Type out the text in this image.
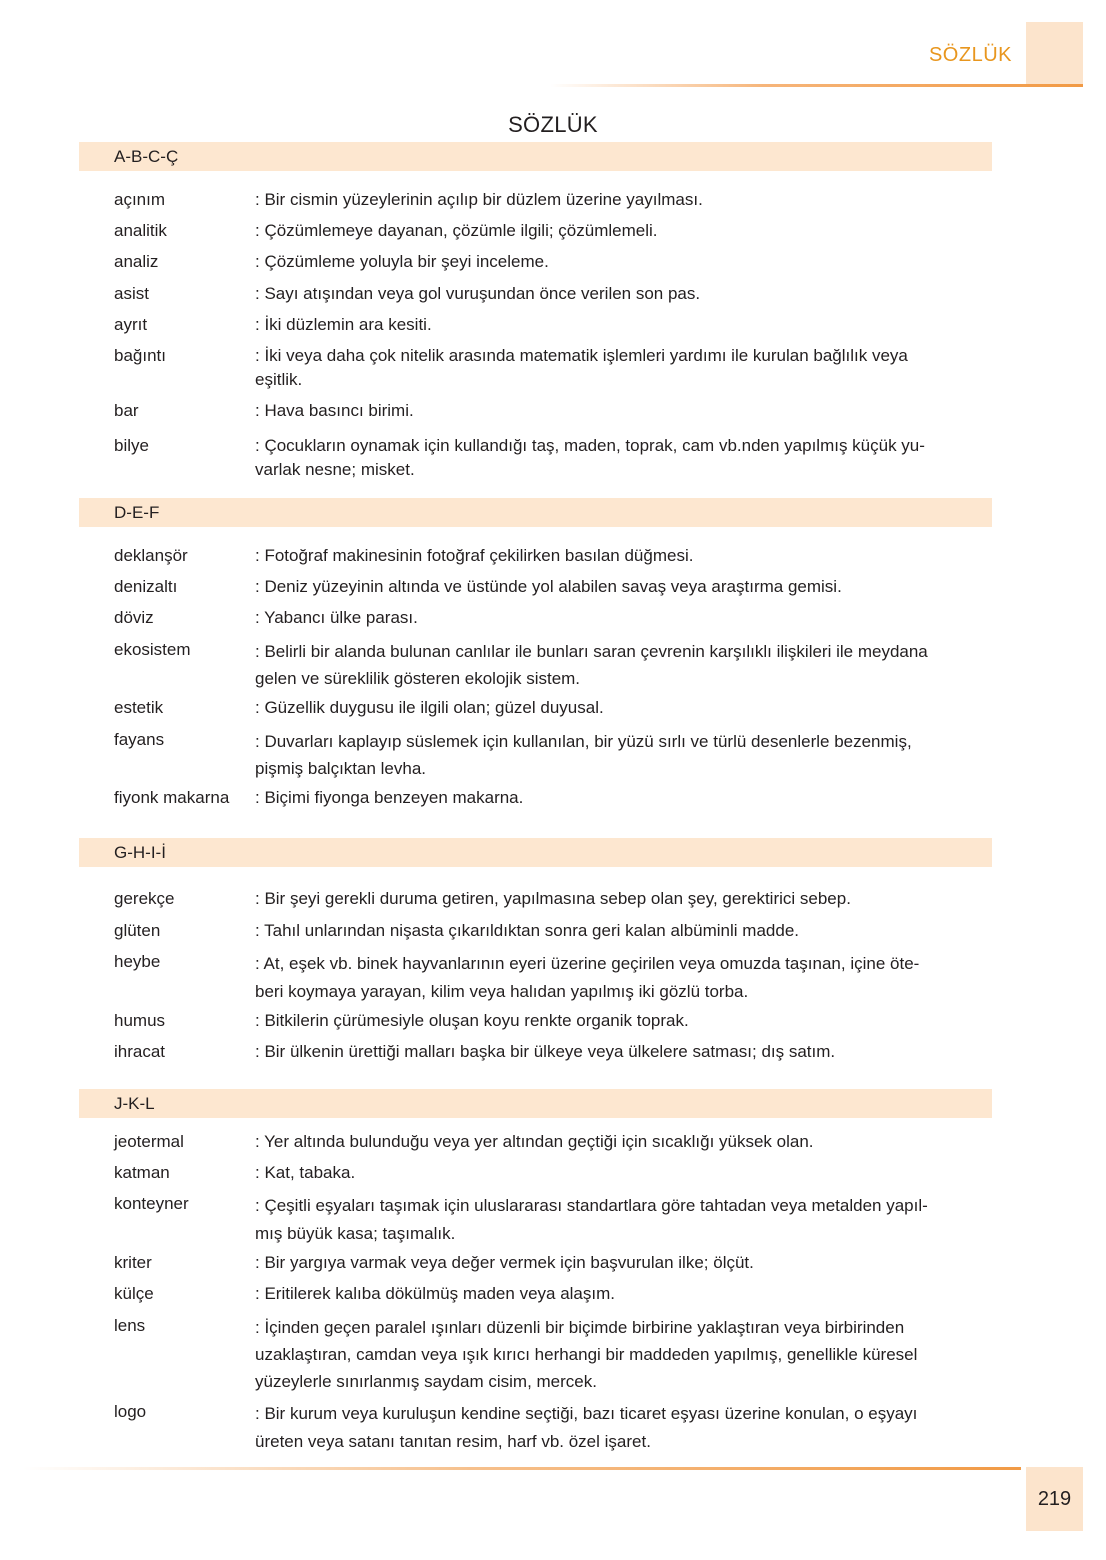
SÖZLÜK
SÖZLÜK
A-B-C-Ç
açınım	: Bir cismin yüzeylerinin açılıp bir düzlem üzerine yayılması.
analitik	: Çözümlemeye dayanan, çözümle ilgili; çözümlemeli.
analiz	: Çözümleme yoluyla bir şeyi inceleme.
asist	: Sayı atışından veya gol vuruşundan önce verilen son pas.
ayrıt	: İki düzlemin ara kesiti.
bağıntı	: İki veya daha çok nitelik arasında matematik işlemleri yardımı ile kurulan bağlılık veya
eşitlik.
bar	: Hava basıncı birimi.
bilye	: Çocukların oynamak için kullandığı taş, maden, toprak, cam vb.nden yapılmış küçük yu-
varlak nesne; misket.
D-E-F
deklanşör	: Fotoğraf makinesinin fotoğraf çekilirken basılan düğmesi.
denizaltı	: Deniz yüzeyinin altında ve üstünde yol alabilen savaş veya araştırma gemisi.
döviz	: Yabancı ülke parası.
ekosistem	: Belirli bir alanda bulunan canlılar ile bunları saran çevrenin karşılıklı ilişkileri ile meydana
gelen ve süreklilik gösteren ekolojik sistem.
estetik	: Güzellik duygusu ile ilgili olan; güzel duyusal.
fayans	: Duvarları kaplayıp süslemek için kullanılan, bir yüzü sırlı ve türlü desenlerle bezenmiş,
pişmiş balçıktan levha.
fiyonk makarna : Biçimi fiyonga benzeyen makarna.
G-H-I-İ
gerekçe	: Bir şeyi gerekli duruma getiren, yapılmasına sebep olan şey, gerektirici sebep.
glüten	: Tahıl unlarından nişasta çıkarıldıktan sonra geri kalan albüminli madde.
heybe	: At, eşek vb. binek hayvanlarının eyeri üzerine geçirilen veya omuzda taşınan, içine öte-
beri koymaya yarayan, kilim veya halıdan yapılmış iki gözlü torba.
humus	: Bitkilerin çürümesiyle oluşan koyu renkte organik toprak.
ihracat	: Bir ülkenin ürettiği malları başka bir ülkeye veya ülkelere satması; dış satım.
J-K-L
jeotermal	: Yer altında bulunduğu veya yer altından geçtiği için sıcaklığı yüksek olan.
katman	: Kat, tabaka.
konteyner	: Çeşitli eşyaları taşımak için uluslararası standartlara göre tahtadan veya metalden yapıl-
mış büyük kasa; taşımalık.
kriter	: Bir yargıya varmak veya değer vermek için başvurulan ilke; ölçüt.
külçe	: Eritilerek kalıba dökülmüş maden veya alaşım.
lens	: İçinden geçen paralel ışınları düzenli bir biçimde birbirine yaklaştıran veya birbirinden
uzaklaştıran, camdan veya ışık kırıcı herhangi bir maddeden yapılmış, genellikle küresel
yüzeylerle sınırlanmış saydam cisim, mercek.
logo	: Bir kurum veya kuruluşun kendine seçtiği, bazı ticaret eşyası üzerine konulan, o eşyayı
üreten veya satanı tanıtan resim, harf vb. özel işaret.
219
